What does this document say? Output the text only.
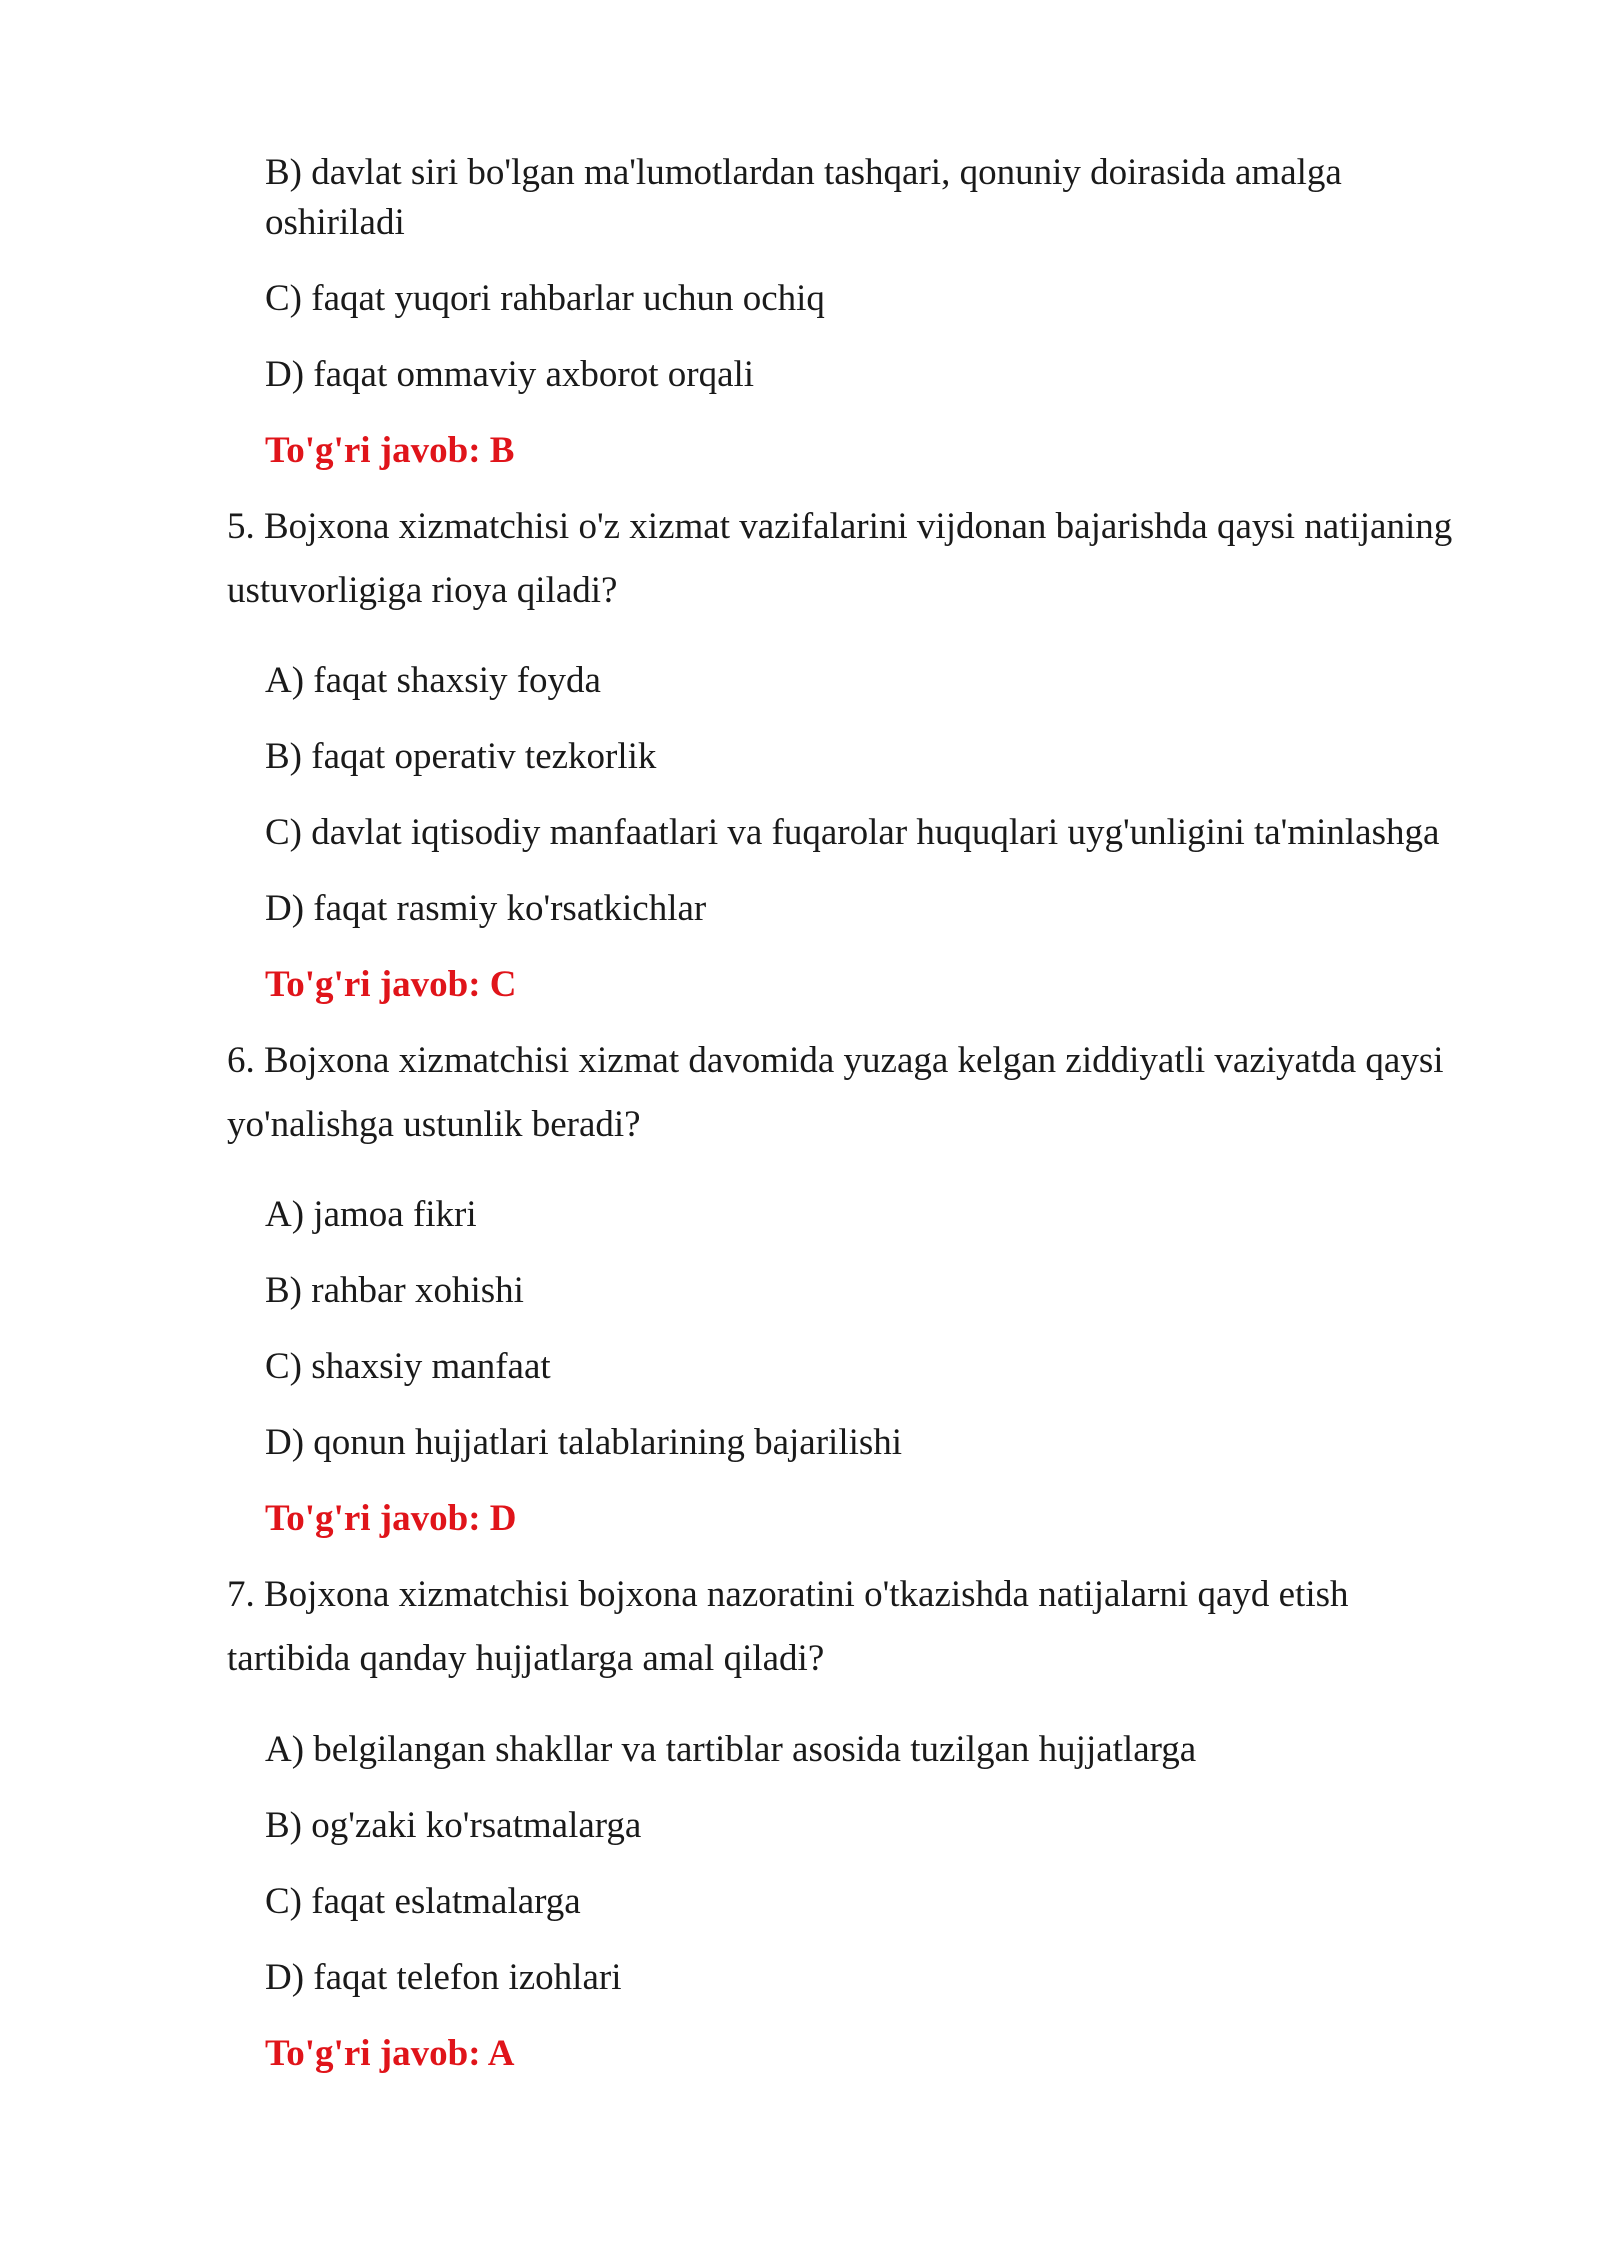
B) davlat siri bo'lgan ma'lumotlardan tashqari, qonuniy doirasida amalga

oshiriladi

C) faqat yuqori rahbarlar uchun ochiq

D) faqat ommaviy axborot orqali

To'g'ri javob: B

5. Bojxona xizmatchisi o'z xizmat vazifalarini vijdonan bajarishda qaysi natijaning

ustuvorligiga rioya qiladi?

A) faqat shaxsiy foyda

B) faqat operativ tezkorlik

C) davlat iqtisodiy manfaatlari va fuqarolar huquqlari uyg'unligini ta'minlashga

D) faqat rasmiy ko'rsatkichlar

To'g'ri javob: C

6. Bojxona xizmatchisi xizmat davomida yuzaga kelgan ziddiyatli vaziyatda qaysi

yo'nalishga ustunlik beradi?

A) jamoa fikri

B) rahbar xohishi

C) shaxsiy manfaat

D) qonun hujjatlari talablarining bajarilishi

To'g'ri javob: D

7. Bojxona xizmatchisi bojxona nazoratini o'tkazishda natijalarni qayd etish

tartibida qanday hujjatlarga amal qiladi?

A) belgilangan shakllar va tartiblar asosida tuzilgan hujjatlarga

B) og'zaki ko'rsatmalarga

C) faqat eslatmalarga

D) faqat telefon izohlari

To'g'ri javob: A
